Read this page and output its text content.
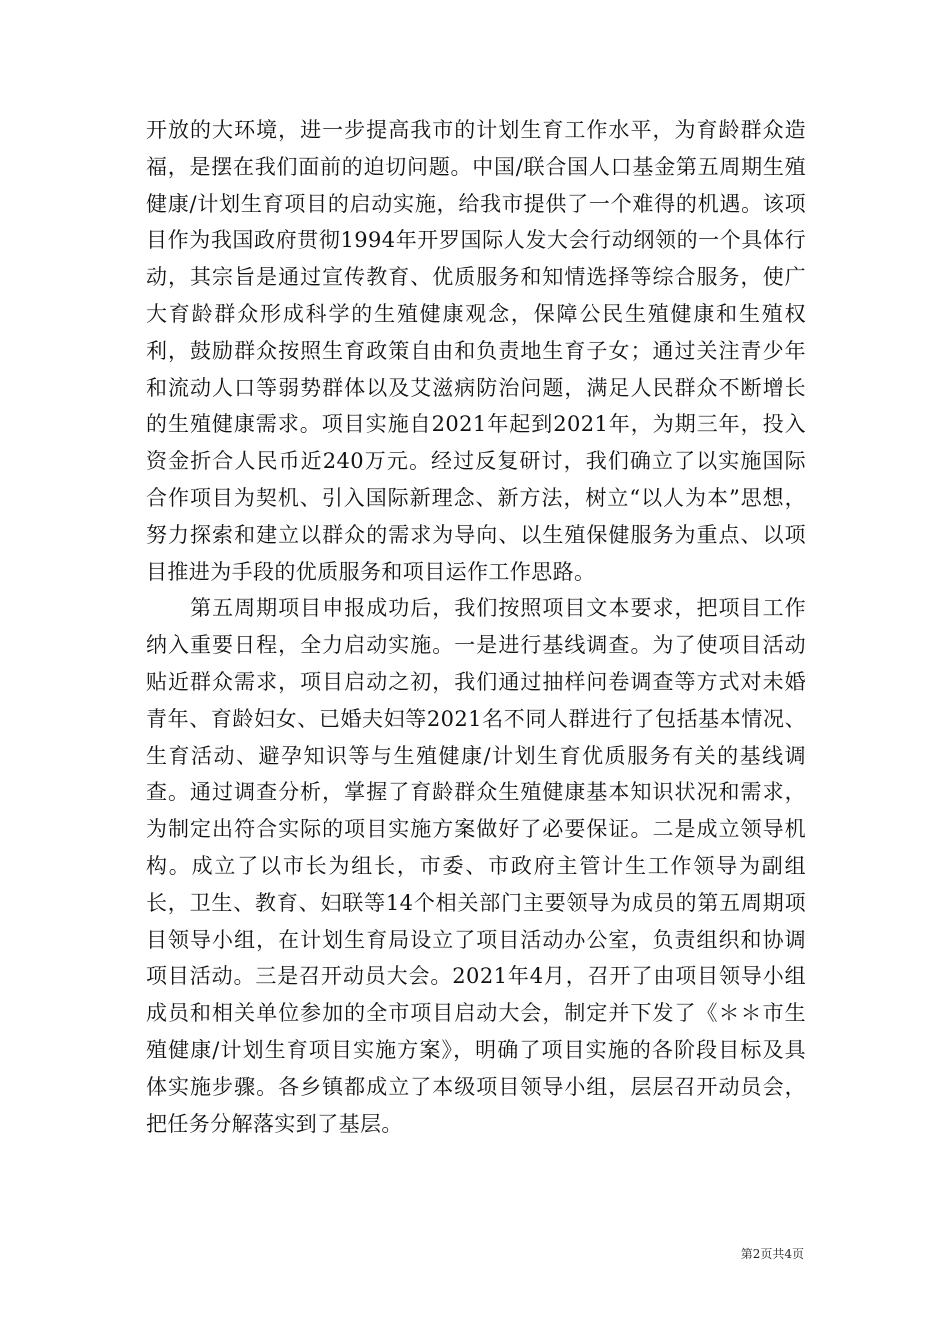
开放的大环境，进一步提高我市的计划生育工作水平，为育龄群众造福，是摆在我们面前的迫切问题。中国/联合国人口基金第五周期生殖健康/计划生育项目的启动实施，给我市提供了一个难得的机遇。该项目作为我国政府贯彻1994年开罗国际人发大会行动纲领的一个具体行动，其宗旨是通过宣传教育、优质服务和知情选择等综合服务，使广大育龄群众形成科学的生殖健康观念，保障公民生殖健康和生殖权利，鼓励群众按照生育政策自由和负责地生育子女；通过关注青少年和流动人口等弱势群体以及艾滋病防治问题，满足人民群众不断增长的生殖健康需求。项目实施自2021年起到2021年，为期三年，投入资金折合人民币近240万元。经过反复研讨，我们确立了以实施国际合作项目为契机、引入国际新理念、新方法，树立“以人为本”思想，努力探索和建立以群众的需求为导向、以生殖保健服务为重点、以项目推进为手段的优质服务和项目运作工作思路。

第五周期项目申报成功后，我们按照项目文本要求，把项目工作纳入重要日程，全力启动实施。一是进行基线调查。为了使项目活动贴近群众需求，项目启动之初，我们通过抽样问卷调查等方式对未婚青年、育龄妇女、已婚夫妇等2021名不同人群进行了包括基本情况、生育活动、避孕知识等与生殖健康/计划生育优质服务有关的基线调查。通过调查分析，掌握了育龄群众生殖健康基本知识状况和需求，为制定出符合实际的项目实施方案做好了必要保证。二是成立领导机构。成立了以市长为组长，市委、市政府主管计生工作领导为副组长，卫生、教育、妇联等14个相关部门主要领导为成员的第五周期项目领导小组，在计划生育局设立了项目活动办公室，负责组织和协调项目活动。三是召开动员大会。2021年4月，召开了由项目领导小组成员和相关单位参加的全市项目启动大会，制定并下发了《＊＊市生殖健康/计划生育项目实施方案》，明确了项目实施的各阶段目标及具体实施步骤。各乡镇都成立了本级项目领导小组，层层召开动员会，把任务分解落实到了基层。

第2页共4页
